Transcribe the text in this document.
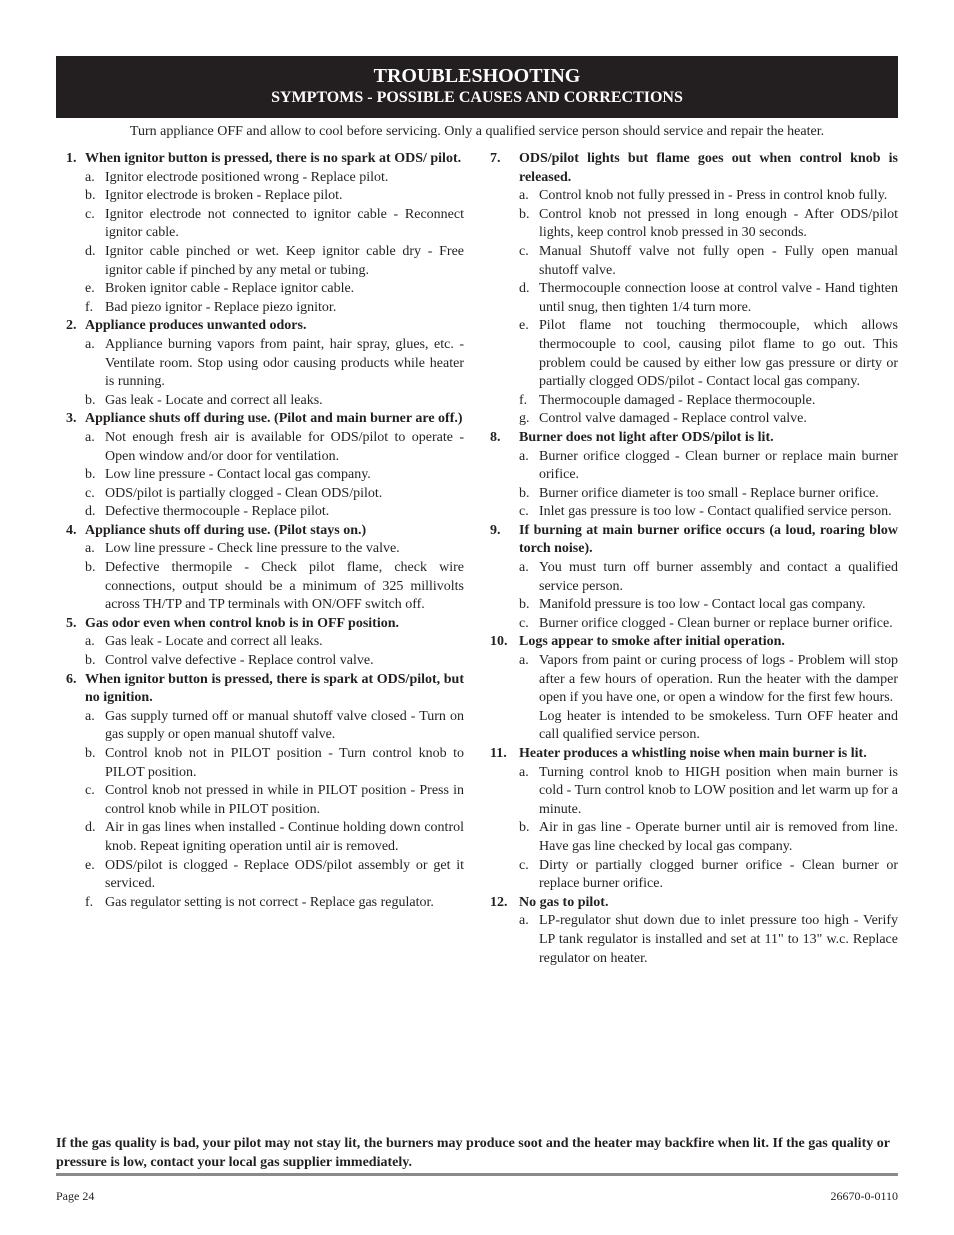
TROUBLESHOOTING
SYMPTOMS - POSSIBLE CAUSES AND CORRECTIONS
Turn appliance OFF and allow to cool before servicing. Only a qualified service person should service and repair the heater.
1. When ignitor button is pressed, there is no spark at ODS/ pilot.
a. Ignitor electrode positioned wrong - Replace pilot.
b. Ignitor electrode is broken - Replace pilot.
c. Ignitor electrode not connected to ignitor cable - Reconnect ignitor cable.
d. Ignitor cable pinched or wet. Keep ignitor cable dry - Free ignitor cable if pinched by any metal or tubing.
e. Broken ignitor cable - Replace ignitor cable.
f. Bad piezo ignitor - Replace piezo ignitor.
2. Appliance produces unwanted odors.
a. Appliance burning vapors from paint, hair spray, glues, etc. - Ventilate room. Stop using odor causing products while heater is running.
b. Gas leak - Locate and correct all leaks.
3. Appliance shuts off during use. (Pilot and main burner are off.)
a. Not enough fresh air is available for ODS/pilot to operate - Open window and/or door for ventilation.
b. Low line pressure - Contact local gas company.
c. ODS/pilot is partially clogged - Clean ODS/pilot.
d. Defective thermocouple - Replace pilot.
4. Appliance shuts off during use. (Pilot stays on.)
a. Low line pressure - Check line pressure to the valve.
b. Defective thermopile - Check pilot flame, check wire connections, output should be a minimum of 325 millivolts across TH/TP and TP terminals with ON/OFF switch off.
5. Gas odor even when control knob is in OFF position.
a. Gas leak - Locate and correct all leaks.
b. Control valve defective - Replace control valve.
6. When ignitor button is pressed, there is spark at ODS/pilot, but no ignition.
a. Gas supply turned off or manual shutoff valve closed - Turn on gas supply or open manual shutoff valve.
b. Control knob not in PILOT position - Turn control knob to PILOT position.
c. Control knob not pressed in while in PILOT position - Press in control knob while in PILOT position.
d. Air in gas lines when installed - Continue holding down control knob. Repeat igniting operation until air is removed.
e. ODS/pilot is clogged - Replace ODS/pilot assembly or get it serviced.
f. Gas regulator setting is not correct - Replace gas regulator.
7. ODS/pilot lights but flame goes out when control knob is released.
a. Control knob not fully pressed in - Press in control knob fully.
b. Control knob not pressed in long enough - After ODS/pilot lights, keep control knob pressed in 30 seconds.
c. Manual Shutoff valve not fully open - Fully open manual shutoff valve.
d. Thermocouple connection loose at control valve - Hand tighten until snug, then tighten 1/4 turn more.
e. Pilot flame not touching thermocouple, which allows thermocouple to cool, causing pilot flame to go out. This problem could be caused by either low gas pressure or dirty or partially clogged ODS/pilot - Contact local gas company.
f. Thermocouple damaged - Replace thermocouple.
g. Control valve damaged - Replace control valve.
8. Burner does not light after ODS/pilot is lit.
a. Burner orifice clogged - Clean burner or replace main burner orifice.
b. Burner orifice diameter is too small - Replace burner orifice.
c. Inlet gas pressure is too low - Contact qualified service person.
9. If burning at main burner orifice occurs (a loud, roaring blow torch noise).
a. You must turn off burner assembly and contact a qualified service person.
b. Manifold pressure is too low - Contact local gas company.
c. Burner orifice clogged - Clean burner or replace burner orifice.
10. Logs appear to smoke after initial operation.
a. Vapors from paint or curing process of logs - Problem will stop after a few hours of operation. Run the heater with the damper open if you have one, or open a window for the first few hours.
Log heater is intended to be smokeless. Turn OFF heater and call qualified service person.
11. Heater produces a whistling noise when main burner is lit.
a. Turning control knob to HIGH position when main burner is cold - Turn control knob to LOW position and let warm up for a minute.
b. Air in gas line - Operate burner until air is removed from line. Have gas line checked by local gas company.
c. Dirty or partially clogged burner orifice - Clean burner or replace burner orifice.
12. No gas to pilot.
a. LP-regulator shut down due to inlet pressure too high - Verify LP tank regulator is installed and set at 11" to 13" w.c. Replace regulator on heater.
If the gas quality is bad, your pilot may not stay lit, the burners may produce soot and the heater may backfire when lit. If the gas quality or pressure is low, contact your local gas supplier immediately.
Page 24	26670-0-0110
